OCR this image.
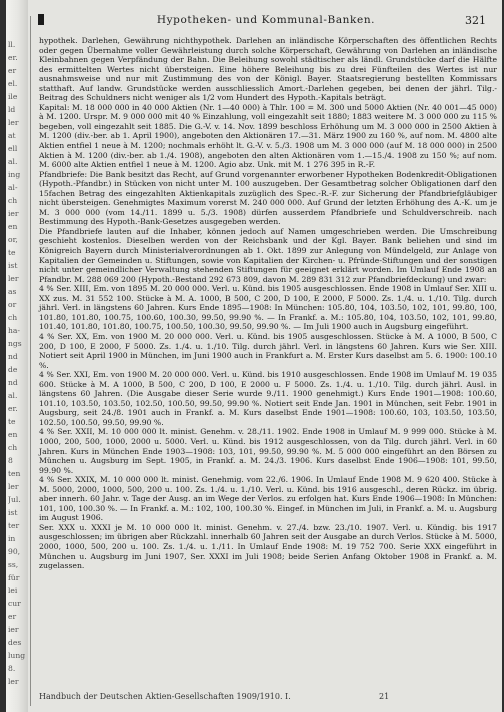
ll.
er.
er
el.
ile
ld
ler
at
ell
al.
ing
al-
ch
ier
en
or,
te
ist
ler
as
or
ch
ha-
ngs
nd
de
nd
al.
er.
te
en
ch
8
ten
ler
Jul.
ist
ter
in
90,
ss,
für
lei
cur
er
ier
des
lung
8.
ler
Hypotheken- und Kommunal-Banken.	321

hypothek. Darlehen, Gewährung nichthypothek. Darlehen an inländische Körperschaften des öffentlichen Rechts oder gegen Übernahme voller Gewährleistung durch solche Körperschaft, Gewährung von Darlehen an inländische Kleinbahnen gegen Verpfändung der Bahn. Die Beleihung sowohl städtischer als ländl. Grundstücke darf die Hälfte des ermittelten Wertes nicht übersteigen. Eine höhere Beleihung bis zu drei Fünfteilen des Wertes ist nur ausnahmsweise und nur mit Zustimmung des von der Königl. Bayer. Staatsregierung bestellten Kommissars statthaft. Auf landw. Grundstücke werden ausschliesslich Amort.-Darlehen gegeben, bei denen der jährl. Tilg.-Beitrag des Schuldners nicht weniger als 1/2 vom Hundert des Hypoth.-Kapitals beträgt.

Kapital: M. 18 000 000 in 40 000 Aktien (Nr. 1—40 000) à Thlr. 100 = M. 300 und 5000 Aktien (Nr. 40 001—45 000) à M. 1200. Urspr. M. 9 000 000 mit 40 % Einzahlung, voll eingezahlt seit 1880; 1883 weitere M. 3 000 000 zu 115 % begeben, voll eingezahlt seit 1885. Die G.-V. v. 14. Nov. 1899 beschloss Erhöhung um M. 3 000 000 in 2500 Aktien à M. 1200 (div.-ber. ab 1. April 1900), angeboten den Aktionären 17.—31. März 1900 zu 160 %, auf nom. M. 4800 alte Aktien entfiel 1 neue à M. 1200; nochmals erhöht lt. G.-V. v. 5./3. 1908 um M. 3 000 000 (auf M. 18 000 000) in 2500 Aktien à M. 1200 (div.-ber. ab 1./4. 1908), angeboten den alten Aktionären vom 1.—15./4. 1908 zu 150 %; auf nom. M. 6000 alte Aktien entfiel 1 neue à M. 1200. Agio abz. Unk. mit M. 1 276 395 in R.-F.

Pfandbriefe: Die Bank besitzt das Recht, auf Grund vorgenannter erworbener Hypotheken Bodenkredit-Obligationen (Hypoth.-Pfandbr.) in Stücken von nicht unter M. 100 auszugeben. Der Gesamtbetrag solcher Obligationen darf den 15fachen Betrag des eingezahlten Aktienkapitals zuzüglich des Spec.-R.-F. zur Sicherung der Pfandbriefgläubiger nicht übersteigen. Genehmigtes Maximum vorerst M. 240 000 000. Auf Grund der letzten Erhöhung des A.-K. um je M. 3 000 000 (vom 14./11. 1899 u. 5./3. 1908) dürfen ausserdem Pfandbriefe und Schuldverschreib. nach Bestimmung des Hypoth.-Bank-Gesetzes ausgegeben werden.

Die Pfandbriefe lauten auf die Inhaber, können jedoch auf Namen umgeschrieben werden. Die Umschreibung geschieht kostenlos. Dieselben werden von der Reichsbank und der Kgl. Bayer. Bank beliehen und sind im Königreich Bayern durch Ministerialverordnungen ab 1. Okt. 1899 zur Anlegung von Mündelgeld, zur Anlage von Kapitalien der Gemeinden u. Stiftungen, sowie von Kapitalien der Kirchen- u. Pfründe-Stiftungen und der sonstigen nicht unter gemeindlicher Verwaltung stehenden Stiftungen für geeignet erklärt worden. Im Umlauf Ende 1908 an Pfandbr. M. 288 069 200 (Hypoth.-Bestand 292 673 809, davon M. 289 831 312 zur Pfandbriefdeckung) und zwar:

4 % Ser. XIII, Em. von 1895 M. 20 000 000. Verl. u. Künd. bis 1905 ausgeschlossen. Ende 1908 in Umlauf Ser. XIII u. XX zus. M. 31 552 100. Stücke à M. A. 1000, B 500, C 200, D 100, E 2000, F 5000. Zs. 1./4. u. 1./10. Tilg. durch jährl. Verl. in längstens 60 Jahren. Kurs Ende 1895—1908: In München: 105.80, 104, 103.50, 102, 101, 99.80, 100, 101.80, 101.80, 100.75, 100.60, 100.30, 99.50, 99.90 %. — In Frankf. a. M.: 105.80, 104, 103.50, 102, 101, 99.80, 101.40, 101.80, 101.80, 100.75, 100.50, 100.30, 99.50, 99.90 %. — Im Juli 1900 auch in Augsburg eingeführt.

4 % Ser. XX, Em. von 1900 M. 20 000 000. Verl. u. Künd. bis 1905 ausgeschlossen. Stücke à M. A 1000, B 500, C 200, D 100, E 2000, F 5000. Zs. 1./4. u. 1./10. Tilg. durch jährl. Verl. in längstens 60 Jahren. Kurs wie Ser. XIII. Notiert seit April 1900 in München, im Juni 1900 auch in Frankfurt a. M. Erster Kurs daselbst am 5. 6. 1900: 100.10 %.

4 % Ser. XXI, Em. von 1900 M. 20 000 000. Verl. u. Künd. bis 1910 ausgeschlossen. Ende 1908 im Umlauf M. 19 035 600. Stücke à M. A 1000, B 500, C 200, D 100, E 2000 u. F 5000. Zs. 1./4. u. 1./10. Tilg. durch jährl. Ausl. in längstens 60 Jahren. (Die Ausgabe dieser Serie wurde 9./11. 1900 genehmigt.) Kurs Ende 1901—1908: 100.60, 101.10, 103.50, 103.50, 102.50, 100.50, 99.50, 99.90 %. Notiert seit Ende Jan. 1901 in München, seit Febr. 1901 in Augsburg, seit 24./8. 1901 auch in Frankf. a. M. Kurs daselbst Ende 1901—1908: 100.60, 103, 103.50, 103.50, 102.50, 100.50, 99.50, 99.90 %.

4 % Ser. XXII, M. 10 000 000 lt. minist. Genehm. v. 28./11. 1902. Ende 1908 in Umlauf M. 9 999 000. Stücke à M. 1000, 200, 500, 1000, 2000 u. 5000. Verl. u. Künd. bis 1912 ausgeschlossen, von da Tilg. durch jährl. Verl. in 60 Jahren. Kurs in München Ende 1903—1908: 103, 101, 99.50, 99.90 %. M. 5 000 000 eingeführt an den Börsen zu München u. Augsburg im Sept. 1905, in Frankf. a. M. 24./3. 1906. Kurs daselbst Ende 1906—1908: 101, 99.50, 99.90 %.

4 % Ser. XXIX, M. 10 000 000 lt. minist. Genehmig. vom 22./6. 1906. In Umlauf Ende 1908 M. 9 620 400. Stücke à M. 5000, 2000, 1000, 500, 200 u. 100. Zs. 1./4. u. 1./10. Verl. u. Künd. bis 1916 ausgeschl., deren Rückz. im übrig. aber innerh. 60 Jahr. v. Tage der Ausg. an im Wege der Verlos. zu erfolgen hat. Kurs Ende 1906—1908: In München: 101, 100, 100.30 %. — In Frankf. a. M.: 102, 100, 100.30 %. Eingef. in München im Juli, in Frankf. a. M. u. Augsburg im August 1906.

Ser. XXX u. XXXI je M. 10 000 000 lt. minist. Genehm. v. 27./4. bzw. 23./10. 1907. Verl. u. Kündig. bis 1917 ausgeschlossen; im übrigen aber Rückzahl. innerhalb 60 Jahren seit der Ausgabe an durch Verlos. Stücke à M. 5000, 2000, 1000, 500, 200 u. 100. Zs. 1./4. u. 1./11. In Umlauf Ende 1908: M. 19 752 700. Serie XXX eingeführt in München u. Augsburg im Juni 1907, Ser. XXXI im Juli 1908; beide Serien Anfang Oktober 1908 in Frankf. a. M. zugelassen.

Handbuch der Deutschen Aktien-Gesellschaften 1909/1910. I.	21
